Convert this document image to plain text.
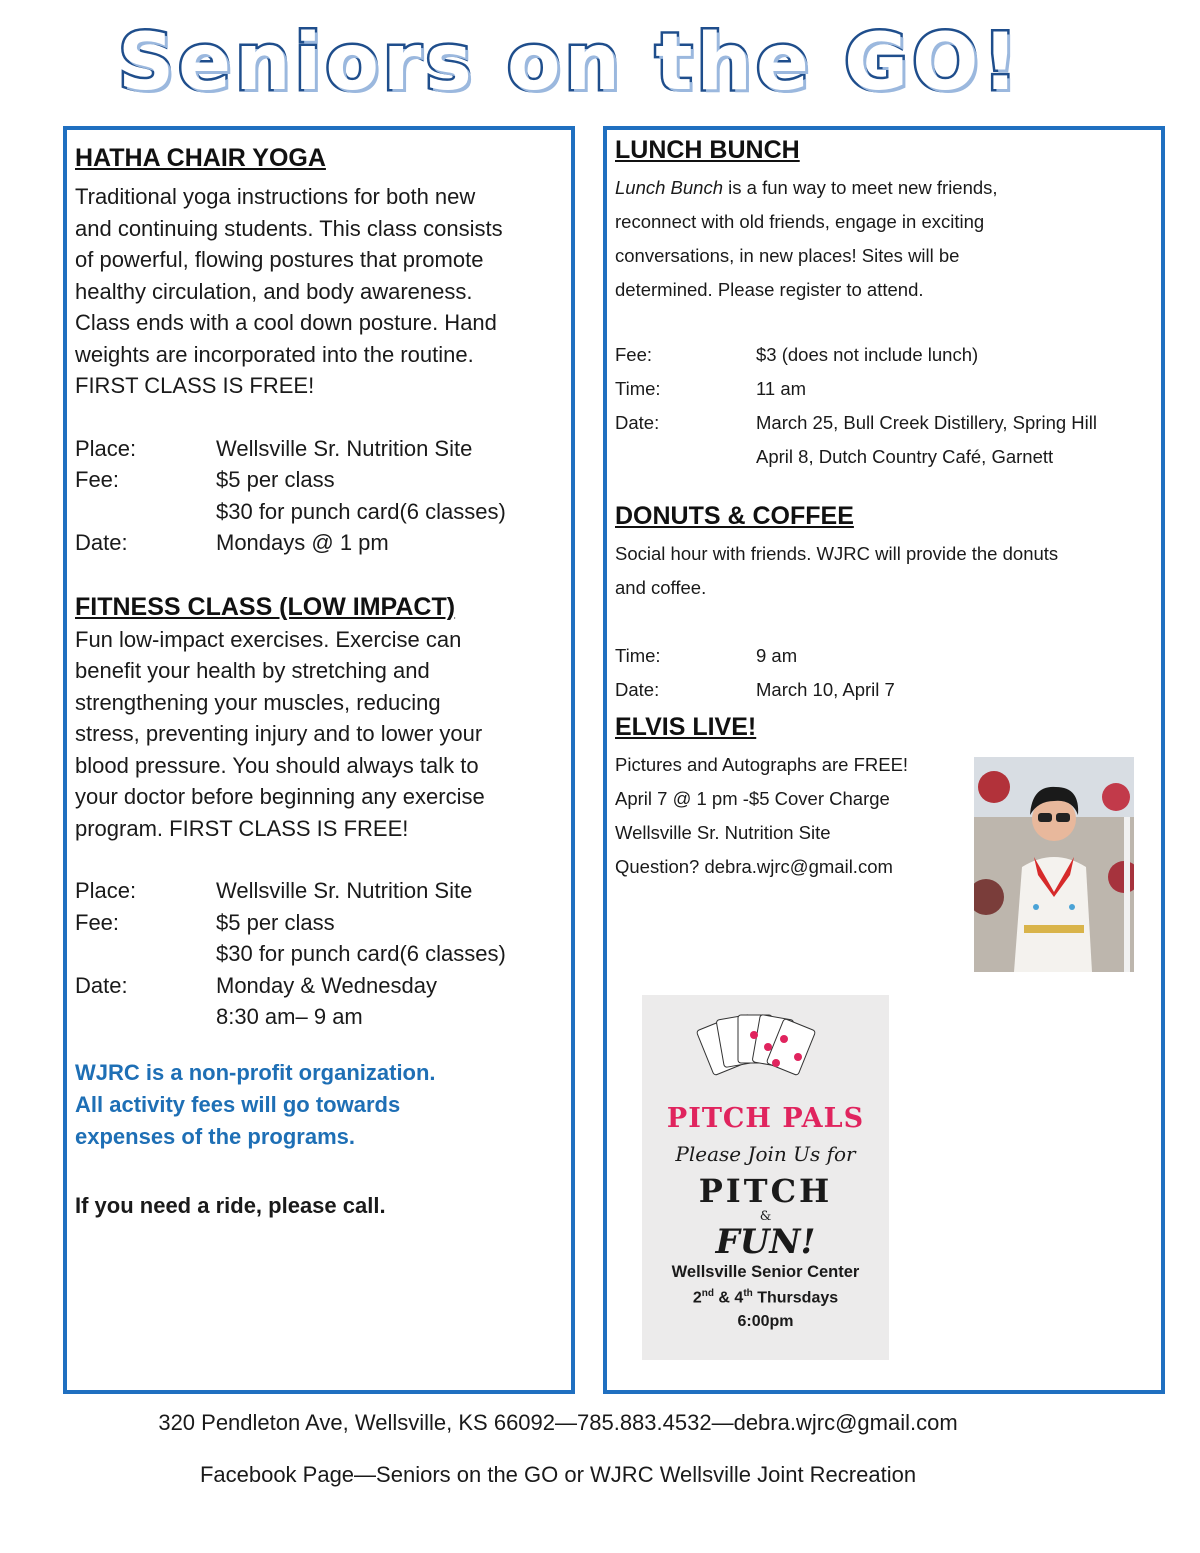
Seniors on the GO!
HATHA CHAIR YOGA

Traditional yoga instructions for both new
and continuing students. This class consists
of powerful, flowing postures that promote
healthy circulation, and body awareness.
Class ends with a cool down posture. Hand
weights are incorporated into the routine.
FIRST CLASS IS FREE!

Place:	Wellsville Sr. Nutrition Site
Fee:	$5 per class
$30 for punch card(6 classes)
Date:	Mondays @ 1 pm
FITNESS CLASS (LOW IMPACT)

Fun low-impact exercises. Exercise can
benefit your health by stretching and
strengthening your muscles, reducing
stress, preventing injury and to lower your
blood pressure. You should always talk to
your doctor before beginning any exercise
program. FIRST CLASS IS FREE!

Place:	Wellsville Sr. Nutrition Site
Fee:	$5 per class
$30 for punch card(6 classes)
Date:	Monday & Wednesday
8:30 am– 9 am
WJRC is a non-profit organization.
All activity fees will go towards
expenses of the programs.
If you need a ride, please call.
LUNCH BUNCH

Lunch Bunch is a fun way to meet new friends,
reconnect with old friends, engage in exciting
conversations, in new places! Sites will be
determined. Please register to attend.

Fee:	$3 (does not include lunch)
Time:	11 am
Date:	March 25, Bull Creek Distillery, Spring Hill
April 8, Dutch Country Café, Garnett
DONUTS & COFFEE

Social hour with friends. WJRC will provide the donuts
and coffee.

Time:	9 am
Date:	March 10, April 7
ELVIS LIVE!
Pictures and Autographs are FREE!
April 7 @ 1 pm -$5 Cover Charge
Wellsville Sr. Nutrition Site
Question? debra.wjrc@gmail.com
PITCH PALS
Please Join Us for
PITCH
&
FUN!
Wellsville Senior Center
2nd & 4th Thursdays
6:00pm
320 Pendleton Ave, Wellsville, KS 66092—785.883.4532—debra.wjrc@gmail.com
Facebook Page—Seniors on the GO or WJRC Wellsville Joint Recreation
